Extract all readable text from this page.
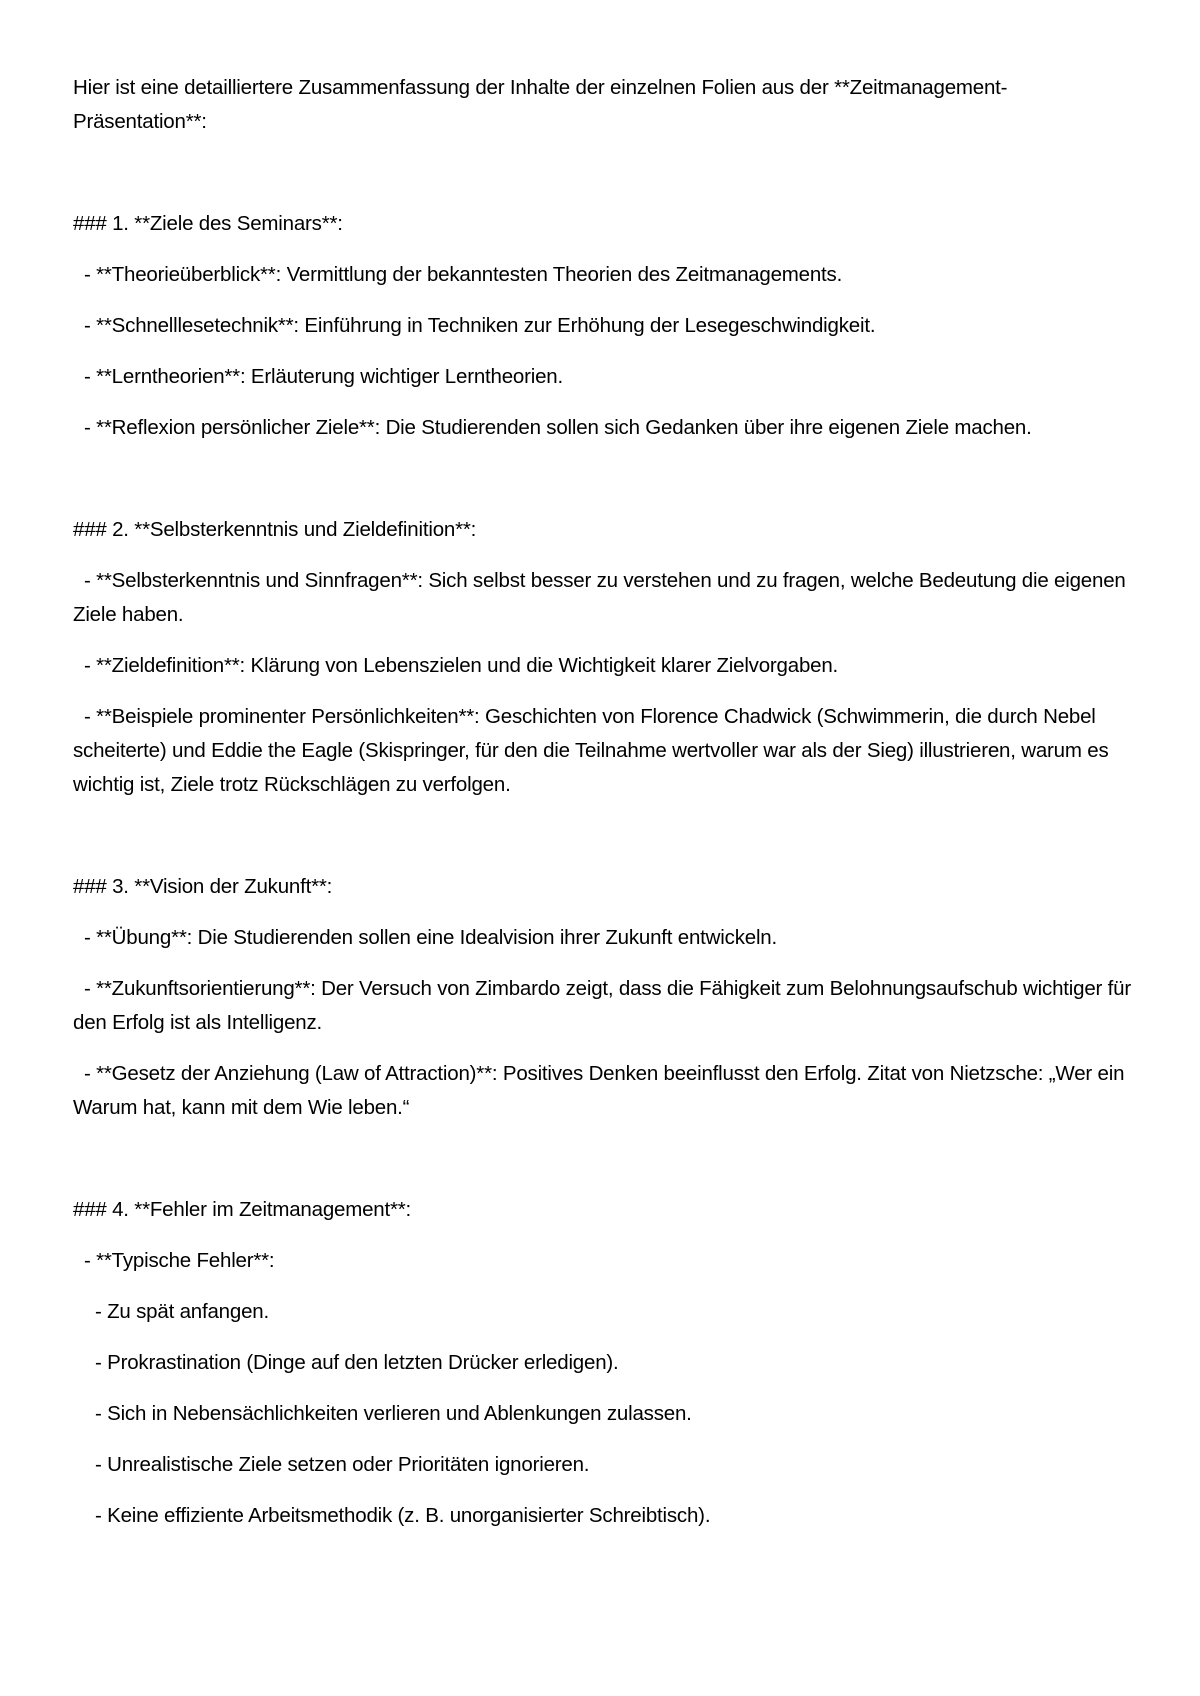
Hier ist eine detailliertere Zusammenfassung der Inhalte der einzelnen Folien aus der **Zeitmanagement-Präsentation**:

### 1. **Ziele des Seminars**:

- **Theorieüberblick**: Vermittlung der bekanntesten Theorien des Zeitmanagements.

- **Schnelllesetechnik**: Einführung in Techniken zur Erhöhung der Lesegeschwindigkeit.

- **Lerntheorien**: Erläuterung wichtiger Lerntheorien.

- **Reflexion persönlicher Ziele**: Die Studierenden sollen sich Gedanken über ihre eigenen Ziele machen.

### 2. **Selbsterkenntnis und Zieldefinition**:

- **Selbsterkenntnis und Sinnfragen**: Sich selbst besser zu verstehen und zu fragen, welche Bedeutung die eigenen Ziele haben.

- **Zieldefinition**: Klärung von Lebenszielen und die Wichtigkeit klarer Zielvorgaben.

- **Beispiele prominenter Persönlichkeiten**: Geschichten von Florence Chadwick (Schwimmerin, die durch Nebel scheiterte) und Eddie the Eagle (Skispringer, für den die Teilnahme wertvoller war als der Sieg) illustrieren, warum es wichtig ist, Ziele trotz Rückschlägen zu verfolgen.

### 3. **Vision der Zukunft**:

- **Übung**: Die Studierenden sollen eine Idealvision ihrer Zukunft entwickeln.

- **Zukunftsorientierung**: Der Versuch von Zimbardo zeigt, dass die Fähigkeit zum Belohnungsaufschub wichtiger für den Erfolg ist als Intelligenz.

- **Gesetz der Anziehung (Law of Attraction)**: Positives Denken beeinflusst den Erfolg. Zitat von Nietzsche: „Wer ein Warum hat, kann mit dem Wie leben.“

### 4. **Fehler im Zeitmanagement**:

- **Typische Fehler**:

- Zu spät anfangen.

- Prokrastination (Dinge auf den letzten Drücker erledigen).

- Sich in Nebensächlichkeiten verlieren und Ablenkungen zulassen.

- Unrealistische Ziele setzen oder Prioritäten ignorieren.

- Keine effiziente Arbeitsmethodik (z. B. unorganisierter Schreibtisch).
